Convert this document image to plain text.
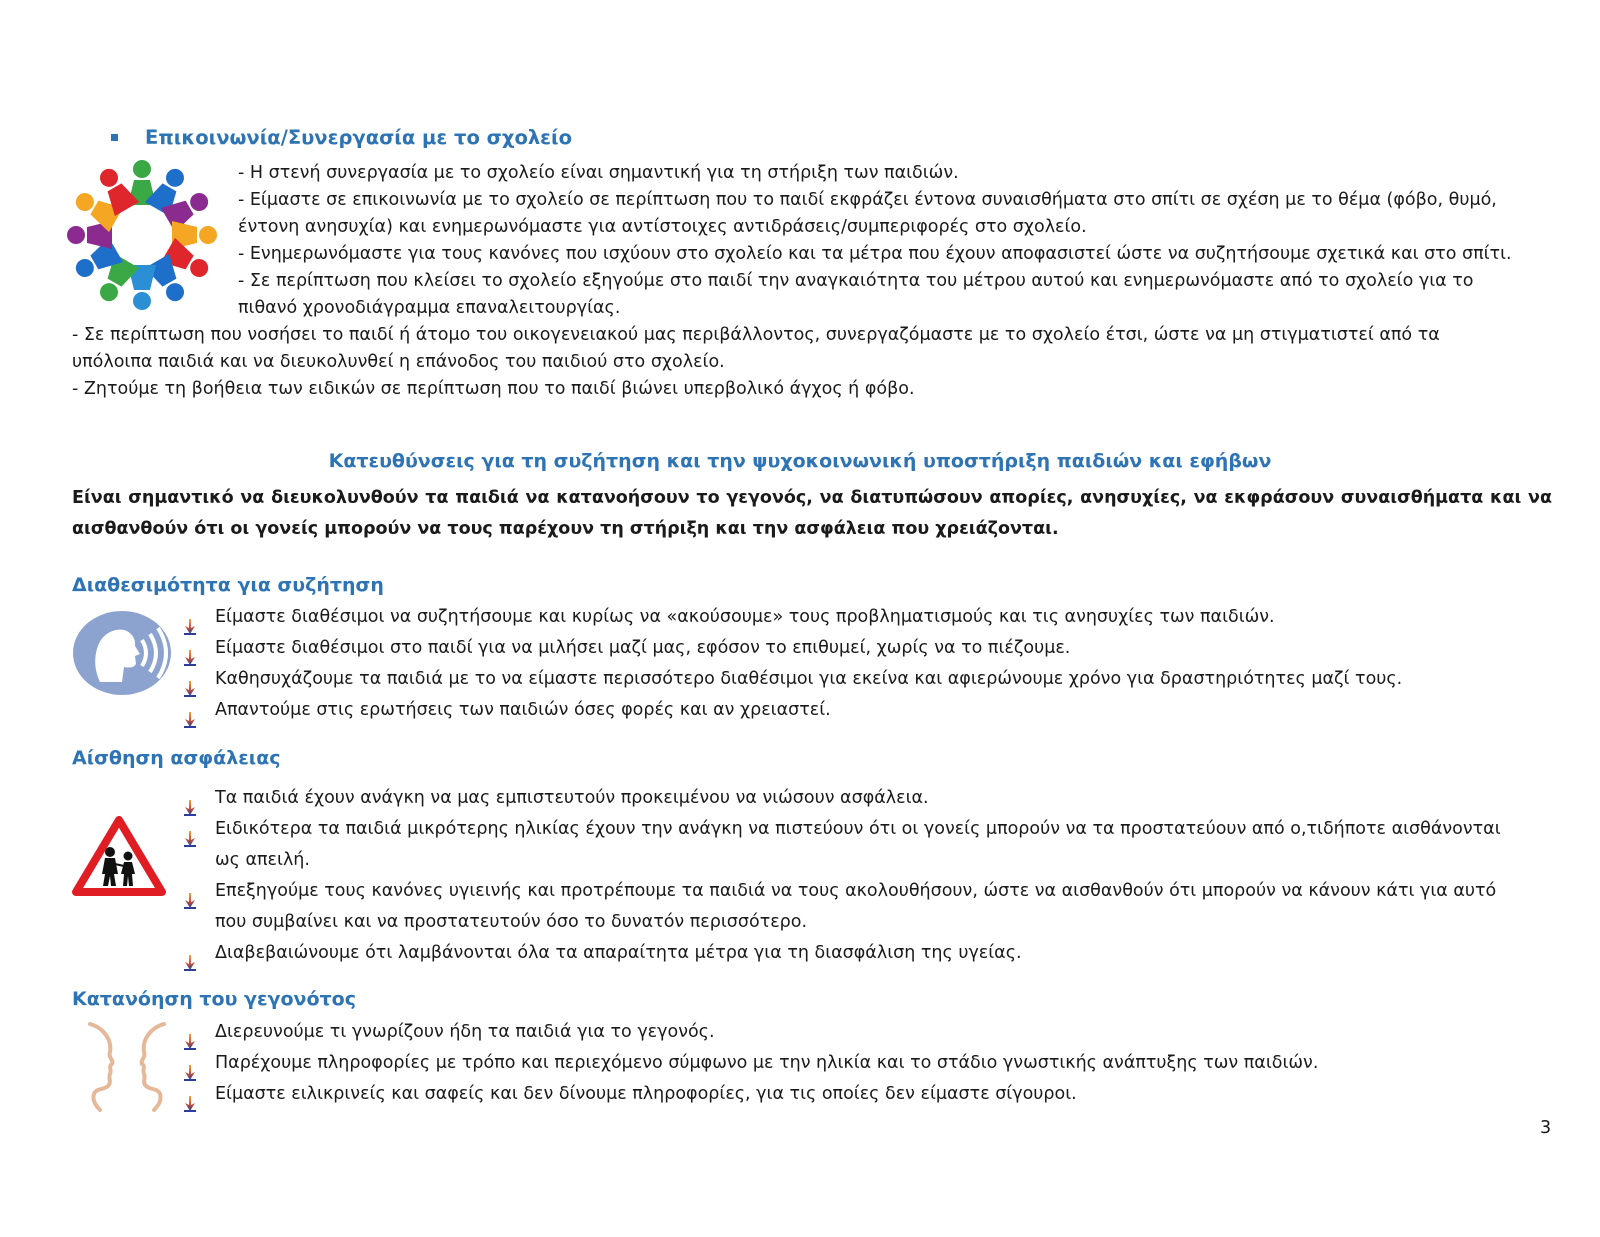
Επικοινωνία/Συνεργασία με το σχολείο
- Η στενή συνεργασία με το σχολείο είναι σημαντική για τη στήριξη των παιδιών.
- Είμαστε σε επικοινωνία με το σχολείο σε περίπτωση που το παιδί εκφράζει έντονα συναισθήματα στο σπίτι σε σχέση με το θέμα (φόβο, θυμό,
έντονη ανησυχία) και ενημερωνόμαστε για αντίστοιχες αντιδράσεις/συμπεριφορές στο σχολείο.
- Ενημερωνόμαστε για τους κανόνες που ισχύουν στο σχολείο και τα μέτρα που έχουν αποφασιστεί ώστε να συζητήσουμε σχετικά και στο σπίτι.
- Σε περίπτωση που κλείσει το σχολείο εξηγούμε στο παιδί την αναγκαιότητα του μέτρου αυτού και ενημερωνόμαστε από το σχολείο για το
πιθανό χρονοδιάγραμμα επαναλειτουργίας.
- Σε περίπτωση που νοσήσει το παιδί ή άτομο του οικογενειακού μας περιβάλλοντος, συνεργαζόμαστε με το σχολείο έτσι, ώστε να μη στιγματιστεί από τα
υπόλοιπα παιδιά και να διευκολυνθεί η επάνοδος του παιδιού στο σχολείο.
- Ζητούμε τη βοήθεια των ειδικών σε περίπτωση που το παιδί βιώνει υπερβολικό άγχος ή φόβο.
Κατευθύνσεις για τη συζήτηση και την ψυχοκοινωνική υποστήριξη παιδιών και εφήβων
Είναι σημαντικό να διευκολυνθούν τα παιδιά να κατανοήσουν το γεγονός, να διατυπώσουν απορίες, ανησυχίες, να εκφράσουν συναισθήματα και να αισθανθούν ότι οι γονείς μπορούν να τους παρέχουν τη στήριξη και την ασφάλεια που χρειάζονται.
Διαθεσιμότητα για συζήτηση
Είμαστε διαθέσιμοι να συζητήσουμε και κυρίως να «ακούσουμε» τους προβληματισμούς και τις ανησυχίες των παιδιών.
Είμαστε διαθέσιμοι στο παιδί για να μιλήσει μαζί μας, εφόσον το επιθυμεί, χωρίς να το πιέζουμε.
Καθησυχάζουμε τα παιδιά με το να είμαστε περισσότερο διαθέσιμοι για εκείνα και αφιερώνουμε χρόνο για δραστηριότητες μαζί τους.
Απαντούμε στις ερωτήσεις των παιδιών όσες φορές και αν χρειαστεί.
Αίσθηση ασφάλειας
Τα παιδιά έχουν ανάγκη να μας εμπιστευτούν προκειμένου να νιώσουν ασφάλεια.
Ειδικότερα τα παιδιά μικρότερης ηλικίας έχουν την ανάγκη να πιστεύουν ότι οι γονείς μπορούν να τα προστατεύουν από ο,τιδήποτε αισθάνονται
ως απειλή.
Επεξηγούμε τους κανόνες υγιεινής και προτρέπουμε τα παιδιά να τους ακολουθήσουν, ώστε να αισθανθούν ότι μπορούν να κάνουν κάτι για αυτό
που συμβαίνει και να προστατευτούν όσο το δυνατόν περισσότερο.
Διαβεβαιώνουμε ότι λαμβάνονται όλα τα απαραίτητα μέτρα για τη διασφάλιση της υγείας.
Κατανόηση του γεγονότος
Διερευνούμε τι γνωρίζουν ήδη τα παιδιά για το γεγονός.
Παρέχουμε πληροφορίες με τρόπο και περιεχόμενο σύμφωνο με την ηλικία και το στάδιο γνωστικής ανάπτυξης των παιδιών.
Είμαστε ειλικρινείς και σαφείς και δεν δίνουμε πληροφορίες, για τις οποίες δεν είμαστε σίγουροι.
3
